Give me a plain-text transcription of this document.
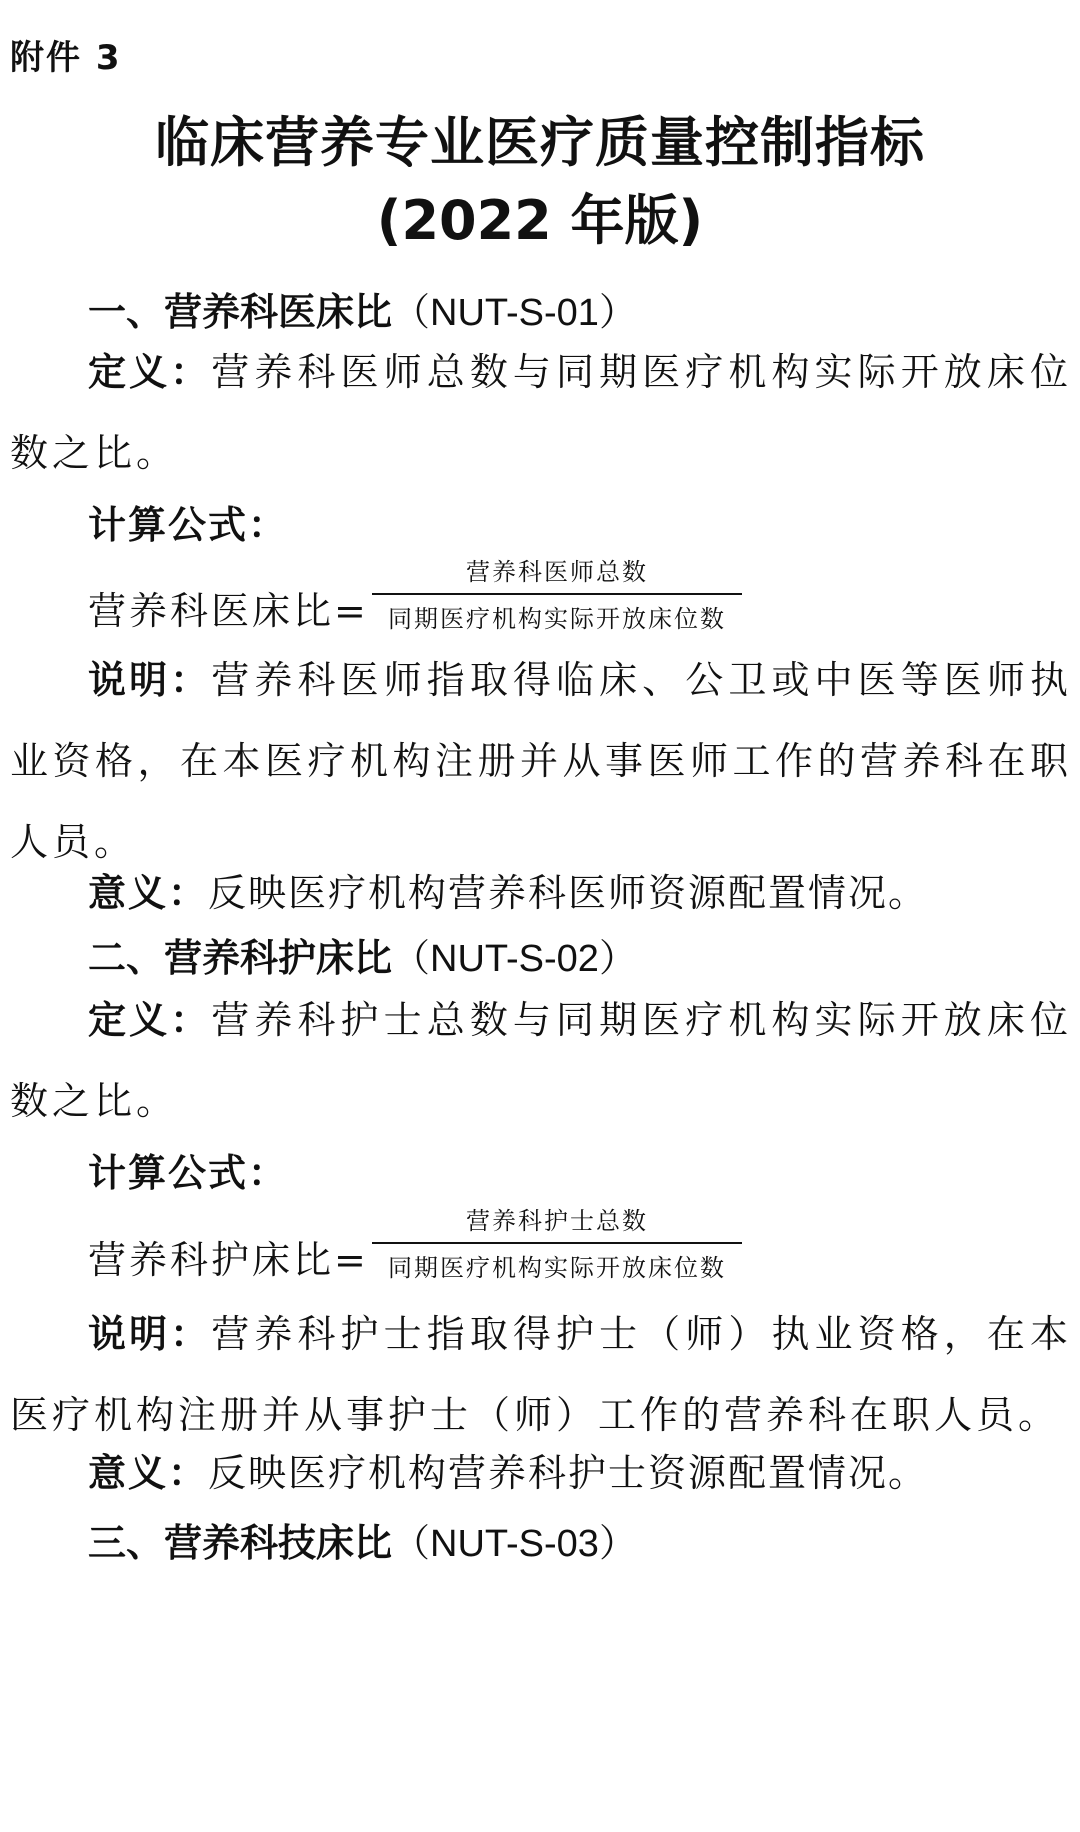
附件 3
临床营养专业医疗质量控制指标
(2022 年版)
一、营养科医床比（NUT-S-01）
定义：营养科医师总数与同期医疗机构实际开放床位数之比。
计算公式：
营养科医床比=
营养科医师总数
同期医疗机构实际开放床位数
说明：营养科医师指取得临床、公卫或中医等医师执业资格，在本医疗机构注册并从事医师工作的营养科在职人员。
意义：反映医疗机构营养科医师资源配置情况。
二、营养科护床比（NUT-S-02）
定义：营养科护士总数与同期医疗机构实际开放床位数之比。
计算公式：
营养科护床比=
营养科护士总数
同期医疗机构实际开放床位数
说明：营养科护士指取得护士（师）执业资格，在本医疗机构注册并从事护士（师）工作的营养科在职人员。
意义：反映医疗机构营养科护士资源配置情况。
三、营养科技床比（NUT-S-03）
